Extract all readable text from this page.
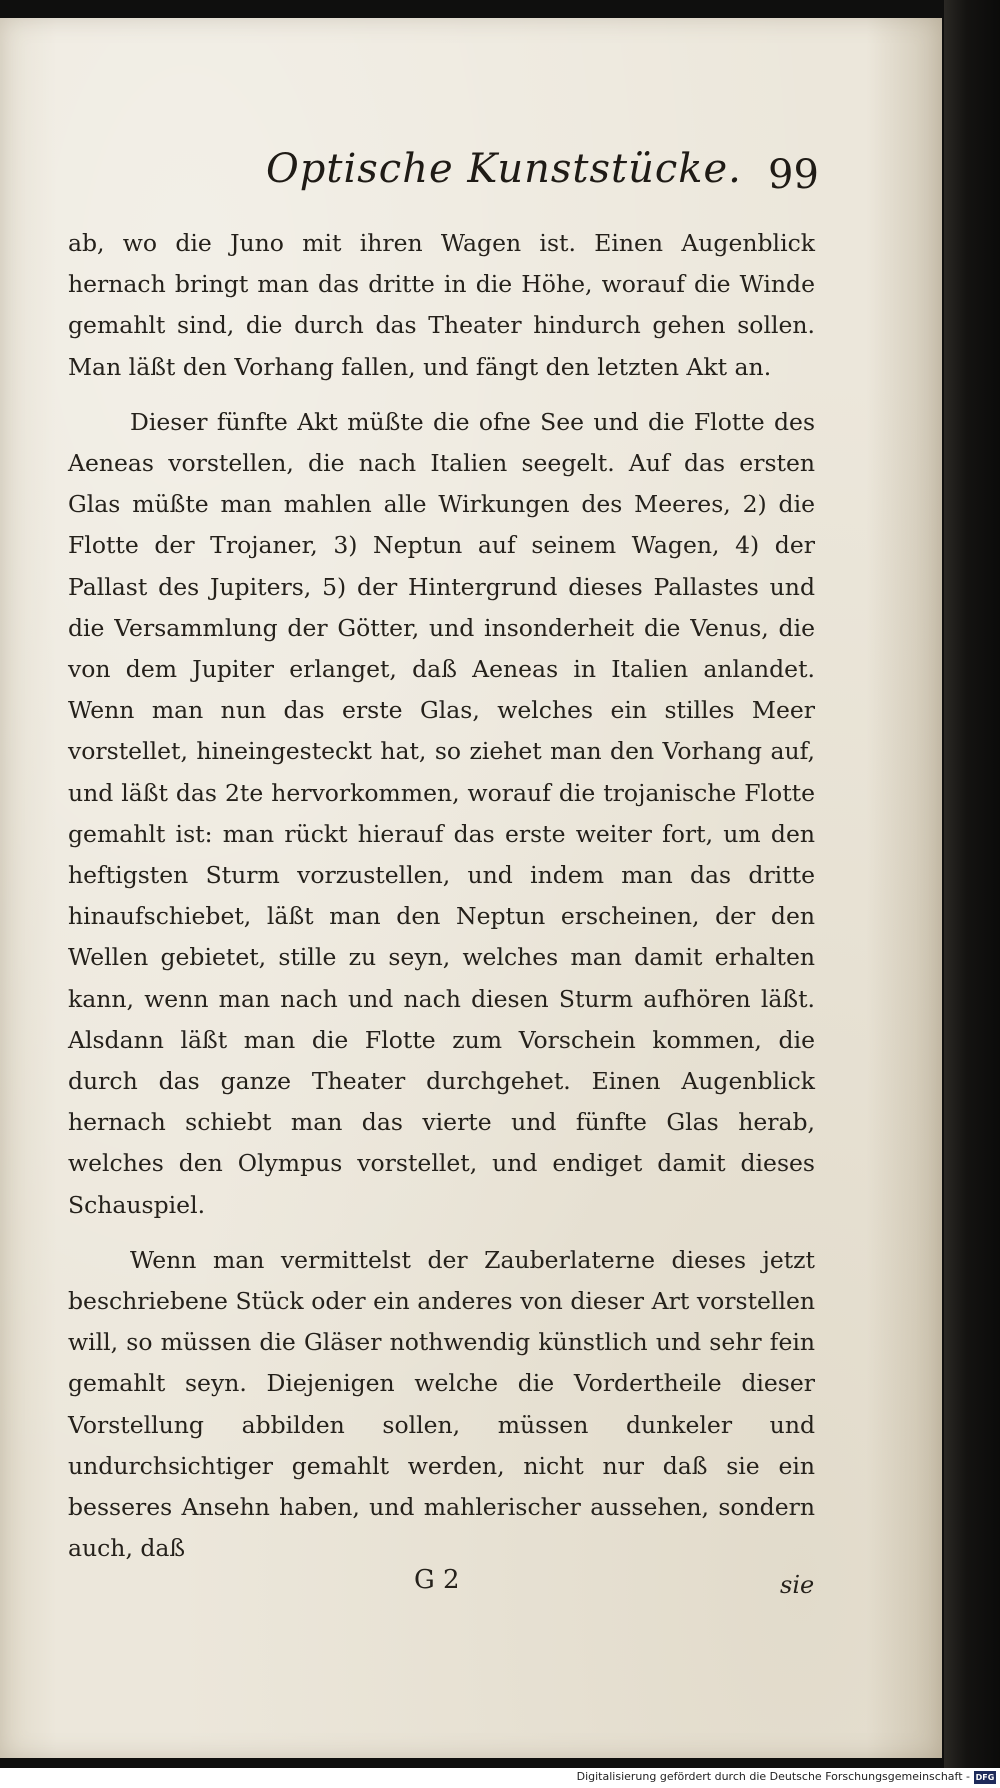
Optische Kunststücke. 99

ab, wo die Juno mit ihren Wagen ist. Einen Augenblick hernach bringt man das dritte in die Höhe, worauf die Winde gemahlt sind, die durch das Theater hindurch gehen sollen. Man läßt den Vorhang fallen, und fängt den letzten Akt an.

Dieser fünfte Akt müßte die ofne See und die Flotte des Aeneas vorstellen, die nach Italien seegelt. Auf das ersten Glas müßte man mahlen alle Wirkungen des Meeres, 2) die Flotte der Trojaner, 3) Neptun auf seinem Wagen, 4) der Pallast des Jupiters, 5) der Hintergrund dieses Pallastes und die Versammlung der Götter, und insonderheit die Venus, die von dem Jupiter erlanget, daß Aeneas in Italien anlandet. Wenn man nun das erste Glas, welches ein stilles Meer vorstellet, hineingesteckt hat, so ziehet man den Vorhang auf, und läßt das 2te hervorkommen, worauf die trojanische Flotte gemahlt ist: man rückt hierauf das erste weiter fort, um den heftigsten Sturm vorzustellen, und indem man das dritte hinaufschiebet, läßt man den Neptun erscheinen, der den Wellen gebietet, stille zu seyn, welches man damit erhalten kann, wenn man nach und nach diesen Sturm aufhören läßt. Alsdann läßt man die Flotte zum Vorschein kommen, die durch das ganze Theater durchgehet. Einen Augenblick hernach schiebt man das vierte und fünfte Glas herab, welches den Olympus vorstellet, und endiget damit dieses Schauspiel.

Wenn man vermittelst der Zauberlaterne dieses jetzt beschriebene Stück oder ein anderes von dieser Art vorstellen will, so müssen die Gläser nothwendig künstlich und sehr fein gemahlt seyn. Diejenigen welche die Vordertheile dieser Vorstellung abbilden sollen, müssen dunkeler und undurchsichtiger gemahlt werden, nicht nur daß sie ein besseres Ansehn haben, und mahlerischer aussehen, sondern auch, daß

G 2	sie
Digitalisierung gefördert durch die Deutsche Forschungsgemeinschaft - DFG
